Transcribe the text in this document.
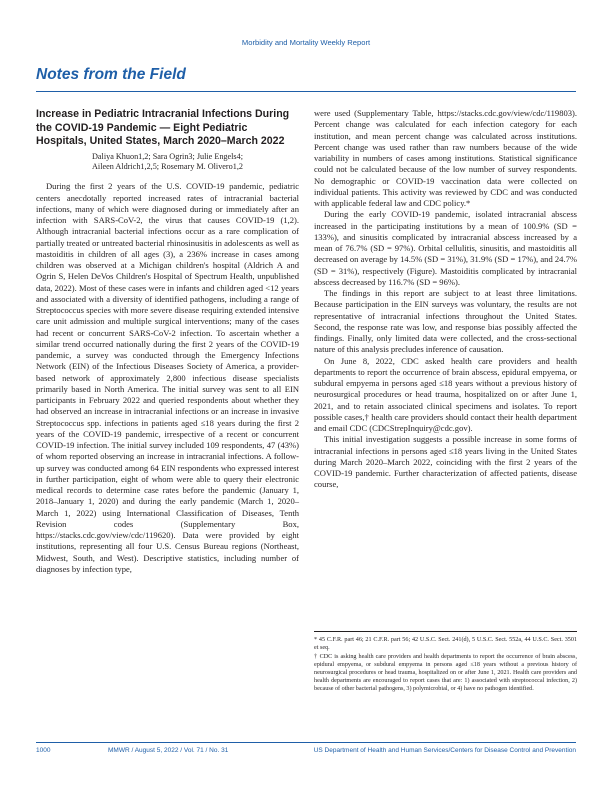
Morbidity and Mortality Weekly Report
Notes from the Field
Increase in Pediatric Intracranial Infections During the COVID-19 Pandemic — Eight Pediatric Hospitals, United States, March 2020–March 2022
Daliya Khuon1,2; Sara Ogrin3; Julie Engels4;
Aileen Aldrich1,2,5; Rosemary M. Olivero1,2

During the first 2 years of the U.S. COVID-19 pandemic, pediatric centers anecdotally reported increased rates of intracranial bacterial infections, many of which were diagnosed during or immediately after an infection with SARS-CoV-2, the virus that causes COVID-19 (1,2). Although intracranial bacterial infections occur as a rare complication of partially treated or untreated bacterial rhinosinusitis in adolescents as well as mastoiditis in children of all ages (3), a 236% increase in cases among children was observed at a Michigan children's hospital (Aldrich A and Ogrin S, Helen DeVos Children's Hospital of Spectrum Health, unpublished data, 2022). Most of these cases were in infants and children aged <12 years and associated with a diversity of identified pathogens, including a range of Streptococcus species with more severe disease requiring extended intensive care unit admission and multiple surgical interventions; many of the cases had recent or concurrent SARS-CoV-2 infection. To ascertain whether a similar trend occurred nationally during the first 2 years of the COVID-19 pandemic, a survey was conducted through the Emergency Infections Network (EIN) of the Infectious Diseases Society of America, a provider-based network of approximately 2,800 infectious disease specialists primarily based in North America. The initial survey was sent to all EIN participants in February 2022 and queried respondents about whether they had observed an increase in intracranial infections or an increase in invasive Streptococcus spp. infections in patients aged ≤18 years during the first 2 years of the COVID-19 pandemic, irrespective of a recent or concurrent COVID-19 infection. The initial survey included 109 respondents, 47 (43%) of whom reported observing an increase in intracranial infections. A follow-up survey was conducted among 64 EIN respondents who expressed interest in further participation, eight of whom were able to query their electronic medical records to determine case rates before the pandemic (January 1, 2018–January 1, 2020) and during the early pandemic (March 1, 2020–March 1, 2022) using International Classification of Diseases, Tenth Revision codes (Supplementary Box, https://stacks.cdc.gov/view/cdc/119620). Data were provided by eight institutions, representing all four U.S. Census Bureau regions (Northeast, Midwest, South, and West). Descriptive statistics, including number of diagnoses by infection type,

were used (Supplementary Table, https://stacks.cdc.gov/view/cdc/119803). Percent change was calculated for each infection category for each institution, and mean percent change was calculated across institutions. Percent change was used rather than raw numbers because of the wide variability in numbers of cases among institutions. Statistical significance could not be calculated because of the low number of survey respondents. No demographic or COVID-19 vaccination data were collected on individual patients. This activity was reviewed by CDC and was conducted with applicable federal law and CDC policy.*

During the early COVID-19 pandemic, isolated intracranial abscess increased in the participating institutions by a mean of 100.9% (SD = 133%), and sinusitis complicated by intracranial abscess increased by a mean of 76.7% (SD = 97%). Orbital cellulitis, sinusitis, and mastoiditis all decreased on average by 14.5% (SD = 31%), 31.9% (SD = 17%), and 24.7% (SD = 31%), respectively (Figure). Mastoiditis complicated by intracranial abscess decreased by 116.7% (SD = 96%).

The findings in this report are subject to at least three limitations. Because participation in the EIN surveys was voluntary, the results are not representative of intracranial infections throughout the United States. Second, the response rate was low, and response bias possibly affected the findings. Finally, only limited data were collected, and the cross-sectional nature of this analysis precludes inference of causation.

On June 8, 2022, CDC asked health care providers and health departments to report the occurrence of brain abscess, epidural empyema, or subdural empyema in persons aged ≤18 years without a previous history of neurosurgical procedures or head trauma, hospitalized on or after June 1, 2021, and to retain associated clinical specimens and isolates. To report possible cases,† health care providers should contact their health department and email CDC (CDCStrepInquiry@cdc.gov).

This initial investigation suggests a possible increase in some forms of intracranial infections in persons aged ≤18 years living in the United States during March 2020–March 2022, coinciding with the first 2 years of the COVID-19 pandemic. Further characterization of affected patients, disease course,

* 45 C.F.R. part 46; 21 C.F.R. part 56; 42 U.S.C. Sect. 241(d), 5 U.S.C. Sect. 552a, 44 U.S.C. Sect. 3501 et seq.
† CDC is asking health care providers and health departments to report the occurrence of brain abscess, epidural empyema, or subdural empyema in persons aged ≤18 years without a previous history of neurosurgical procedures or head trauma, hospitalized on or after June 1, 2021. Health care providers and health departments are encouraged to report cases that are: 1) associated with streptococcal infection, 2) because of other bacterial pathogens, 3) polymicrobial, or 4) have no pathogen identified.
1000	MMWR / August 5, 2022 / Vol. 71 / No. 31	US Department of Health and Human Services/Centers for Disease Control and Prevention
